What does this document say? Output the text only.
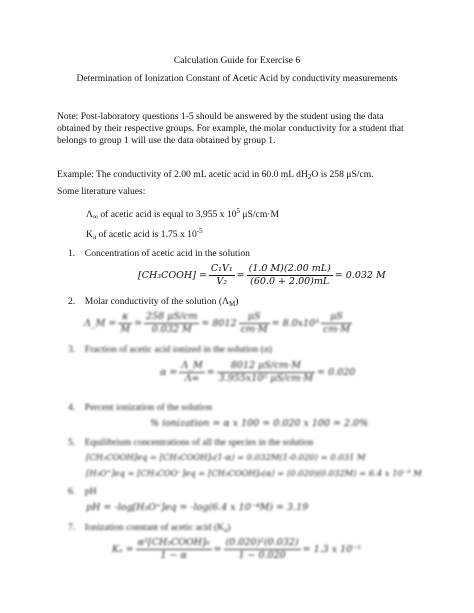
Calculation Guide for Exercise 6
Determination of Ionization Constant of Acetic Acid by conductivity measurements
Note: Post-laboratory questions 1-5 should be answered by the student using the data obtained by their respective groups. For example, the molar conductivity for a student that belongs to group 1 will use the data obtained by group 1.
Example: The conductivity of 2.00 mL acetic acid in 60.0 mL $dH_2O$ is 258 μS/cm.
Some literature values:
$\Lambda_\infty$ of acetic acid is equal to 3.955 x $10^5$ μS/cm·M
$K_a$ of acetic acid is 1.75 x $10^{-5}$
1. Concentration of acetic acid in the solution
[CH₃COOH] = $\frac{\text{C₁V₁}}{\text{V₂}} = \frac{(1.0 M)(2.00 mL)}{(60.0 + 2.00)mL} = 0.032$ M
2. Molar conductivity of the solution $(\Lambda_M)$
Λ_M = $\frac{\kappa}{M} = \frac{258 \mu S/cm}{0.032 M} = 8012 \frac{\mu S}{cm\cdot M} = 8.0x10^3 \frac{\mu S}{cm\cdot M}$
3. Fraction of acetic acid ionized in the solution (α)
$\alpha = \frac{\Lambda\_M}{\Lambda\infty} = \frac{8012 \mu S/cm\cdot M}{\text{3.955x10⁵ μS/cm·M}} = 0.020$
4. Percent ionization of the solution
% ionization = α x 100 = 0.020 x 100 = 2.0%
5. Equilibrium concentrations of all the species in the solution
[CH₃COOH]eq = [CH₃COOH]₀(1-α) = 0.032M(1-0.020) = 0.031 M
[H₃O⁺]eq = [CH₃COO⁻]eq = [CH₃COOH]₀(α) = (0.020)(0.032M) = 6.4 x 10⁻⁴ M
6. pH
pH = -log[H₃O⁺]eq = -log(6.4 x 10⁻⁴M) = 3.19
7. Ionization constant of acetic acid $(K_a)$
$K_a = \frac{\text{α²[CH₃COOH]₀}}{1 - \alpha} = \frac{\text{(0.020)²(0.032)}}{1 - 0.020} = 1.3$ x 10⁻⁵
